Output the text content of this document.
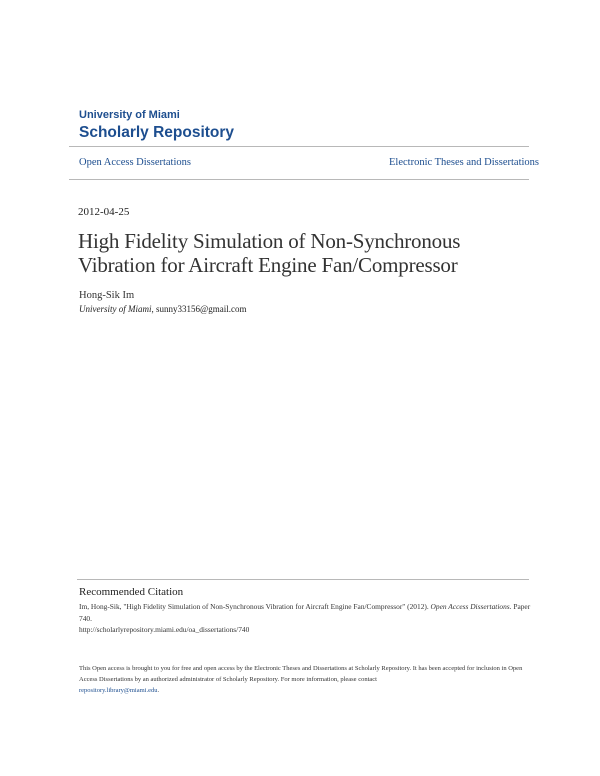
University of Miami
Scholarly Repository
Open Access Dissertations	Electronic Theses and Dissertations
2012-04-25
High Fidelity Simulation of Non-Synchronous
Vibration for Aircraft Engine Fan/Compressor
Hong-Sik Im
University of Miami, sunny33156@gmail.com
Recommended Citation
Im, Hong-Sik, "High Fidelity Simulation of Non-Synchronous Vibration for Aircraft Engine Fan/Compressor" (2012). Open Access Dissertations. Paper 740.
http://scholarlyrepository.miami.edu/oa_dissertations/740
This Open access is brought to you for free and open access by the Electronic Theses and Dissertations at Scholarly Repository. It has been accepted for inclusion in Open Access Dissertations by an authorized administrator of Scholarly Repository. For more information, please contact
repository.library@miami.edu.
